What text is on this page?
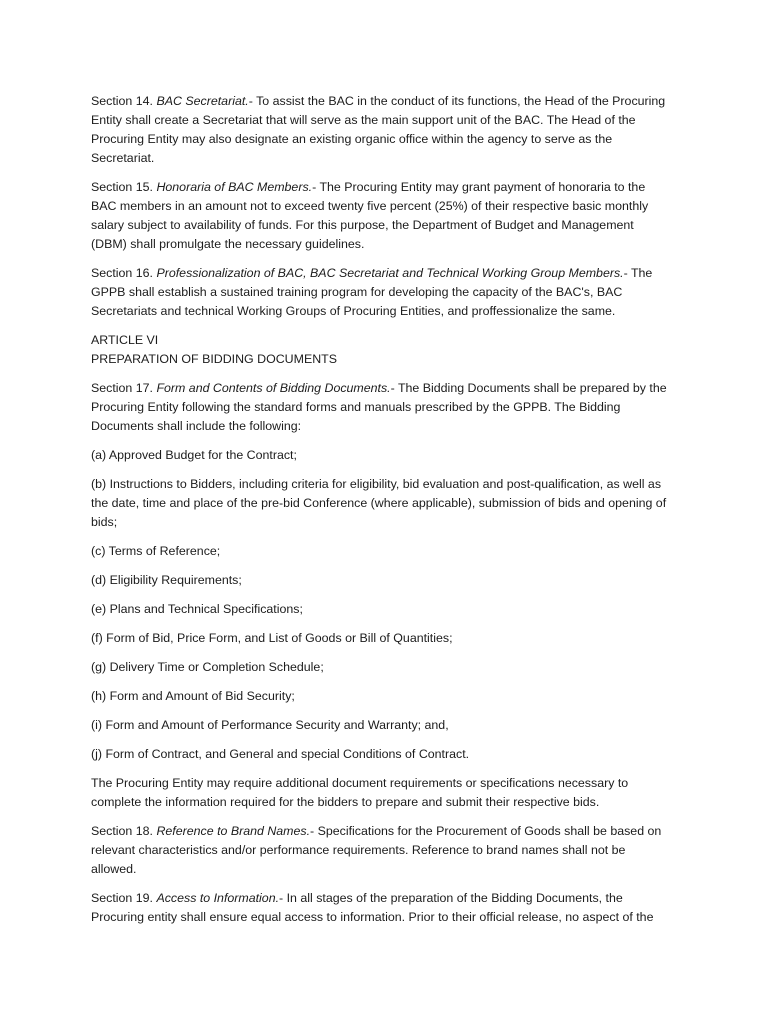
Section 14. BAC Secretariat.- To assist the BAC in the conduct of its functions, the Head of the Procuring Entity shall create a Secretariat that will serve as the main support unit of the BAC. The Head of the Procuring Entity may also designate an existing organic office within the agency to serve as the Secretariat.

Section 15. Honoraria of BAC Members.- The Procuring Entity may grant payment of honoraria to the BAC members in an amount not to exceed twenty five percent (25%) of their respective basic monthly salary subject to availability of funds. For this purpose, the Department of Budget and Management (DBM) shall promulgate the necessary guidelines.

Section 16. Professionalization of BAC, BAC Secretariat and Technical Working Group Members.- The GPPB shall establish a sustained training program for developing the capacity of the BAC's, BAC Secretariats and technical Working Groups of Procuring Entities, and proffessionalize the same.

ARTICLE VI
PREPARATION OF BIDDING DOCUMENTS

Section 17. Form and Contents of Bidding Documents.- The Bidding Documents shall be prepared by the Procuring Entity following the standard forms and manuals prescribed by the GPPB. The Bidding Documents shall include the following:

(a) Approved Budget for the Contract;

(b) Instructions to Bidders, including criteria for eligibility, bid evaluation and post-qualification, as well as the date, time and place of the pre-bid Conference (where applicable), submission of bids and opening of bids;

(c) Terms of Reference;

(d) Eligibility Requirements;

(e) Plans and Technical Specifications;

(f) Form of Bid, Price Form, and List of Goods or Bill of Quantities;

(g) Delivery Time or Completion Schedule;

(h) Form and Amount of Bid Security;

(i) Form and Amount of Performance Security and Warranty; and,

(j) Form of Contract, and General and special Conditions of Contract.

The Procuring Entity may require additional document requirements or specifications necessary to complete the information required for the bidders to prepare and submit their respective bids.

Section 18. Reference to Brand Names.- Specifications for the Procurement of Goods shall be based on relevant characteristics and/or performance requirements. Reference to brand names shall not be allowed.

Section 19. Access to Information.- In all stages of the preparation of the Bidding Documents, the Procuring entity shall ensure equal access to information. Prior to their official release, no aspect of the
